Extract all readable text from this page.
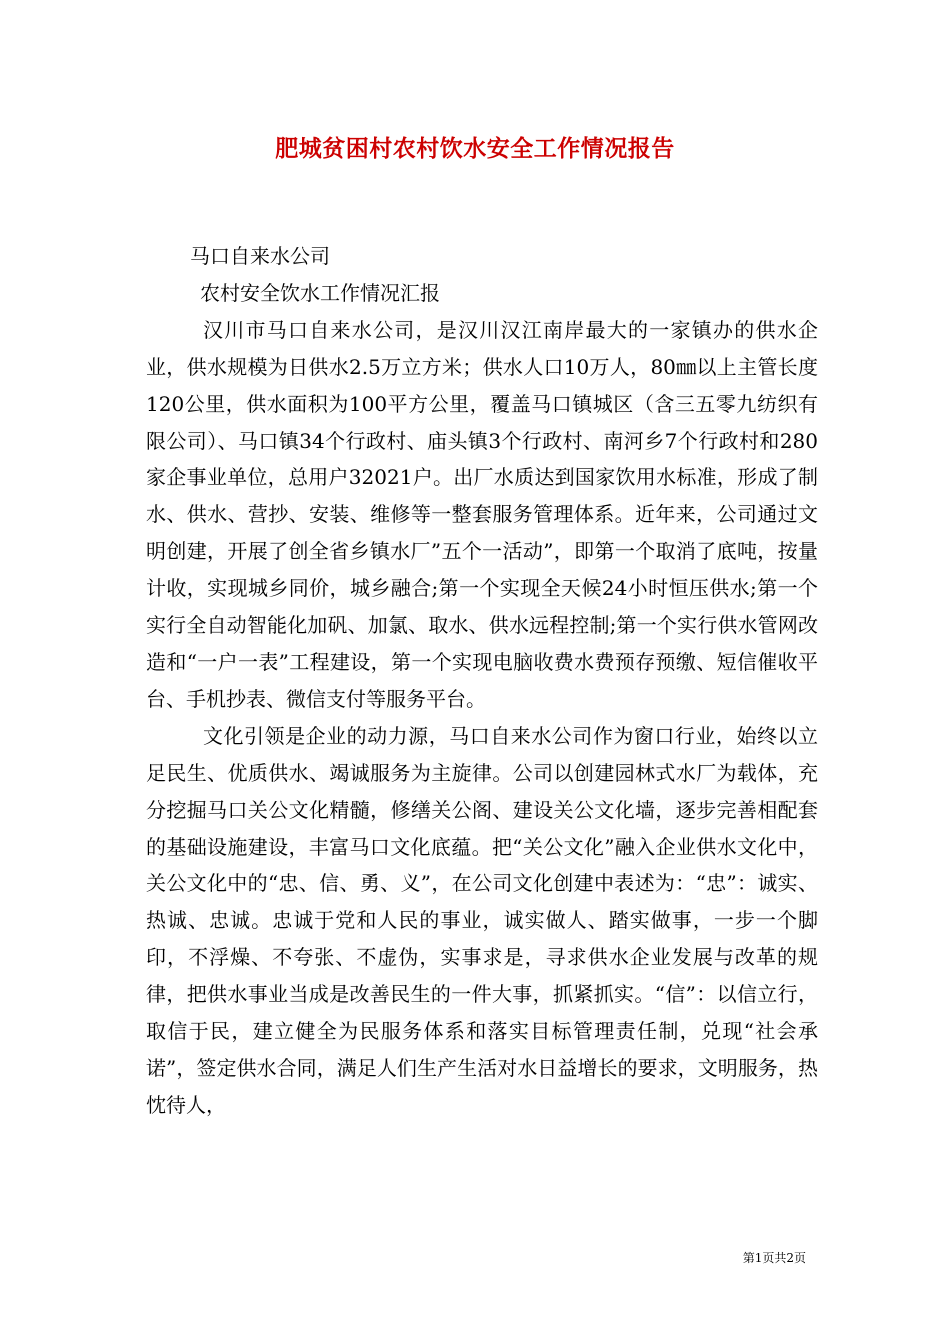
肥城贫困村农村饮水安全工作情况报告

马口自来水公司

农村安全饮水工作情况汇报

汉川市马口自来水公司，是汉川汉江南岸最大的一家镇办的供水企业，供水规模为日供水2.5万立方米；供水人口10万人，80㎜以上主管长度120公里，供水面积为100平方公里，覆盖马口镇城区（含三五零九纺织有限公司）、马口镇34个行政村、庙头镇3个行政村、南河乡7个行政村和280家企事业单位，总用户32021户。出厂水质达到国家饮用水标准，形成了制水、供水、营抄、安装、维修等一整套服务管理体系。近年来，公司通过文明创建，开展了创全省乡镇水厂”五个一活动”，即第一个取消了底吨，按量计收，实现城乡同价，城乡融合;第一个实现全天候24小时恒压供水;第一个实行全自动智能化加矾、加氯、取水、供水远程控制;第一个实行供水管网改造和“一户一表”工程建设，第一个实现电脑收费水费预存预缴、短信催收平台、手机抄表、微信支付等服务平台。

文化引领是企业的动力源，马口自来水公司作为窗口行业，始终以立足民生、优质供水、竭诚服务为主旋律。公司以创建园林式水厂为载体，充分挖掘马口关公文化精髓，修缮关公阁、建设关公文化墙，逐步完善相配套的基础设施建设，丰富马口文化底蕴。把“关公文化”融入企业供水文化中，关公文化中的“忠、信、勇、义”，在公司文化创建中表述为：“忠”：诚实、热诚、忠诚。忠诚于党和人民的事业，诚实做人、踏实做事，一步一个脚印，不浮燥、不夸张、不虚伪，实事求是，寻求供水企业发展与改革的规律，把供水事业当成是改善民生的一件大事，抓紧抓实。“信”：以信立行，取信于民，建立健全为民服务体系和落实目标管理责任制，兑现“社会承诺”，签定供水合同，满足人们生产生活对水日益增长的要求，文明服务，热忱待人，

第1页共2页
